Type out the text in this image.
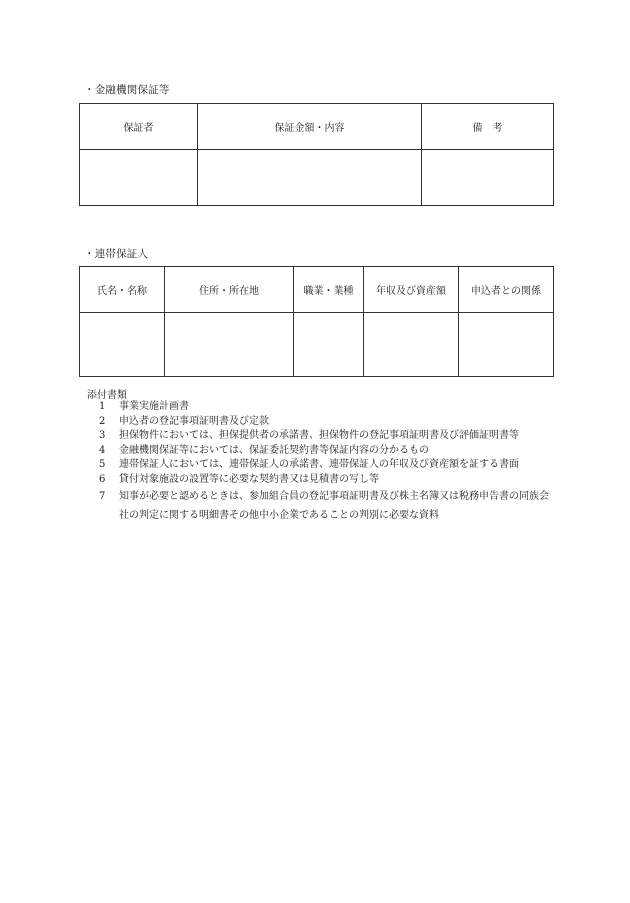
・金融機関保証等
保証者	保証金額・内容	備　考

・連帯保証人
氏名・名称	住所・所在地	職業・業種	年収及び資産額	申込者との関係

添付書類
1	事業実施計画書
2	申込者の登記事項証明書及び定款
3	担保物件においては、担保提供者の承諾書、担保物件の登記事項証明書及び評価証明書等
4	金融機関保証等においては、保証委託契約書等保証内容の分かるもの
5	連帯保証人においては、連帯保証人の承諾書、連帯保証人の年収及び資産額を証する書面
6	貸付対象施設の設置等に必要な契約書又は見積書の写し等
7	知事が必要と認めるときは、参加組合員の登記事項証明書及び株主名簿又は税務申告書の同族会社の判定に関する明細書その他中小企業であることの判別に必要な資料
